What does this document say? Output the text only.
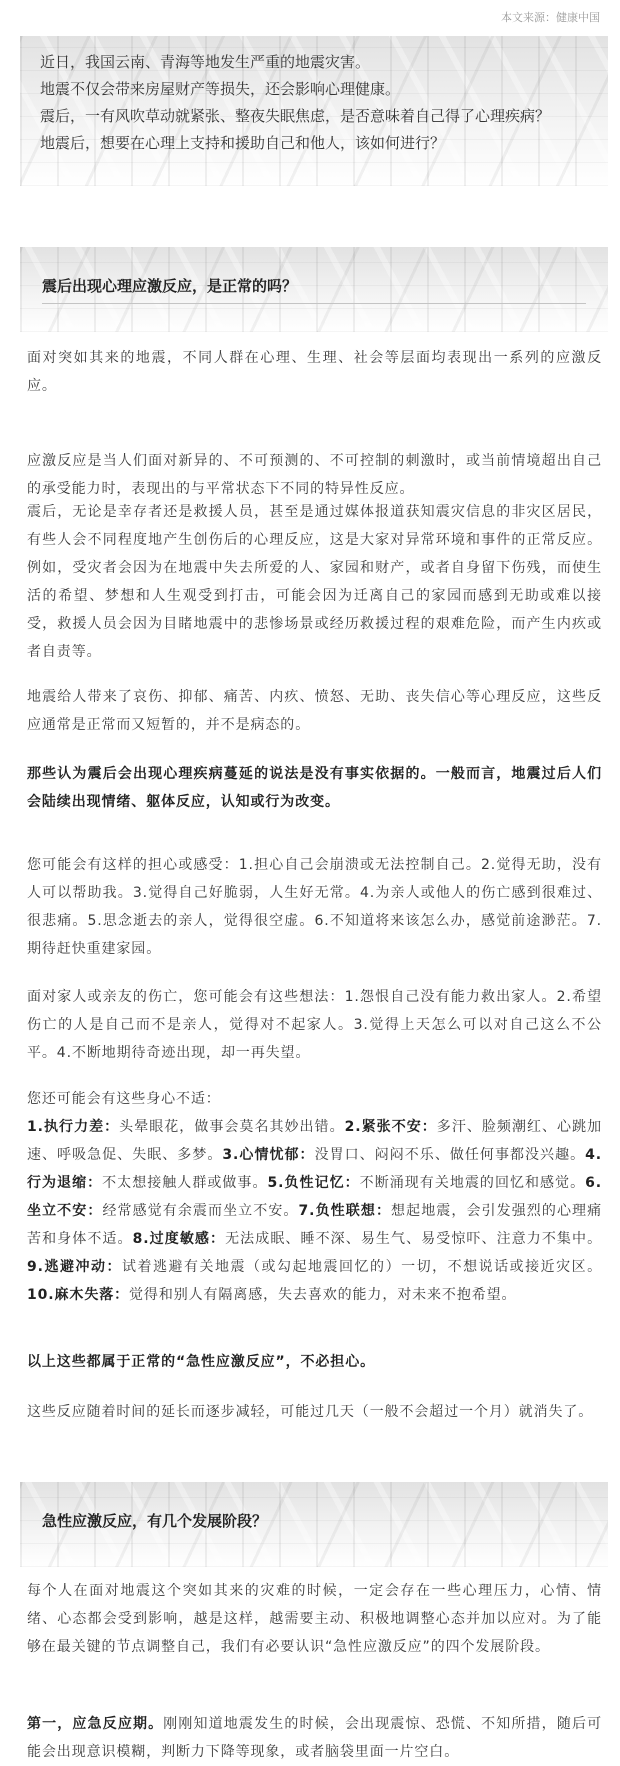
本文来源：健康中国

近日，我国云南、青海等地发生严重的地震灾害。

地震不仅会带来房屋财产等损失，还会影响心理健康。

震后，一有风吹草动就紧张、整夜失眠焦虑，是否意味着自己得了心理疾病？

地震后，想要在心理上支持和援助自己和他人，该如何进行？

震后出现心理应激反应，是正常的吗？

面对突如其来的地震，不同人群在心理、生理、社会等层面均表现出一系列的应激反应。

应激反应是当人们面对新异的、不可预测的、不可控制的刺激时，或当前情境超出自己的承受能力时，表现出的与平常状态下不同的特异性反应。

震后，无论是幸存者还是救援人员，甚至是通过媒体报道获知震灾信息的非灾区居民，有些人会不同程度地产生创伤后的心理反应，这是大家对异常环境和事件的正常反应。例如，受灾者会因为在地震中失去所爱的人、家园和财产，或者自身留下伤残，而使生活的希望、梦想和人生观受到打击，可能会因为迁离自己的家园而感到无助或难以接受，救援人员会因为目睹地震中的悲惨场景或经历救援过程的艰难危险，而产生内疚或者自责等。

地震给人带来了哀伤、抑郁、痛苦、内疚、愤怒、无助、丧失信心等心理反应，这些反应通常是正常而又短暂的，并不是病态的。

那些认为震后会出现心理疾病蔓延的说法是没有事实依据的。一般而言，地震过后人们会陆续出现情绪、躯体反应，认知或行为改变。

您可能会有这样的担心或感受：1.担心自己会崩溃或无法控制自己。2.觉得无助，没有人可以帮助我。3.觉得自己好脆弱，人生好无常。4.为亲人或他人的伤亡感到很难过、很悲痛。5.思念逝去的亲人，觉得很空虚。6.不知道将来该怎么办，感觉前途渺茫。7.期待赶快重建家园。

面对家人或亲友的伤亡，您可能会有这些想法：1.怨恨自己没有能力救出家人。2.希望伤亡的人是自己而不是亲人，觉得对不起家人。3.觉得上天怎么可以对自己这么不公平。4.不断地期待奇迹出现，却一再失望。

您还可能会有这些身心不适：
1.执行力差：头晕眼花，做事会莫名其妙出错。2.紧张不安：多汗、脸频潮红、心跳加速、呼吸急促、失眠、多梦。3.心情忧郁：没胃口、闷闷不乐、做任何事都没兴趣。4.行为退缩：不太想接触人群或做事。5.负性记忆：不断涌现有关地震的回忆和感觉。6.坐立不安：经常感觉有余震而坐立不安。7.负性联想：想起地震，会引发强烈的心理痛苦和身体不适。8.过度敏感：无法成眠、睡不深、易生气、易受惊吓、注意力不集中。9.逃避冲动：试着逃避有关地震（或勾起地震回忆的）一切，不想说话或接近灾区。10.麻木失落：觉得和别人有隔离感，失去喜欢的能力，对未来不抱希望。

以上这些都属于正常的“急性应激反应”，不必担心。

这些反应随着时间的延长而逐步减轻，可能过几天（一般不会超过一个月）就消失了。

急性应激反应，有几个发展阶段？

每个人在面对地震这个突如其来的灾难的时候，一定会存在一些心理压力，心情、情绪、心态都会受到影响，越是这样，越需要主动、积极地调整心态并加以应对。为了能够在最关键的节点调整自己，我们有必要认识“急性应激反应”的四个发展阶段。

第一，应急反应期。刚刚知道地震发生的时候，会出现震惊、恐慌、不知所措，随后可能会出现意识模糊，判断力下降等现象，或者脑袋里面一片空白。
